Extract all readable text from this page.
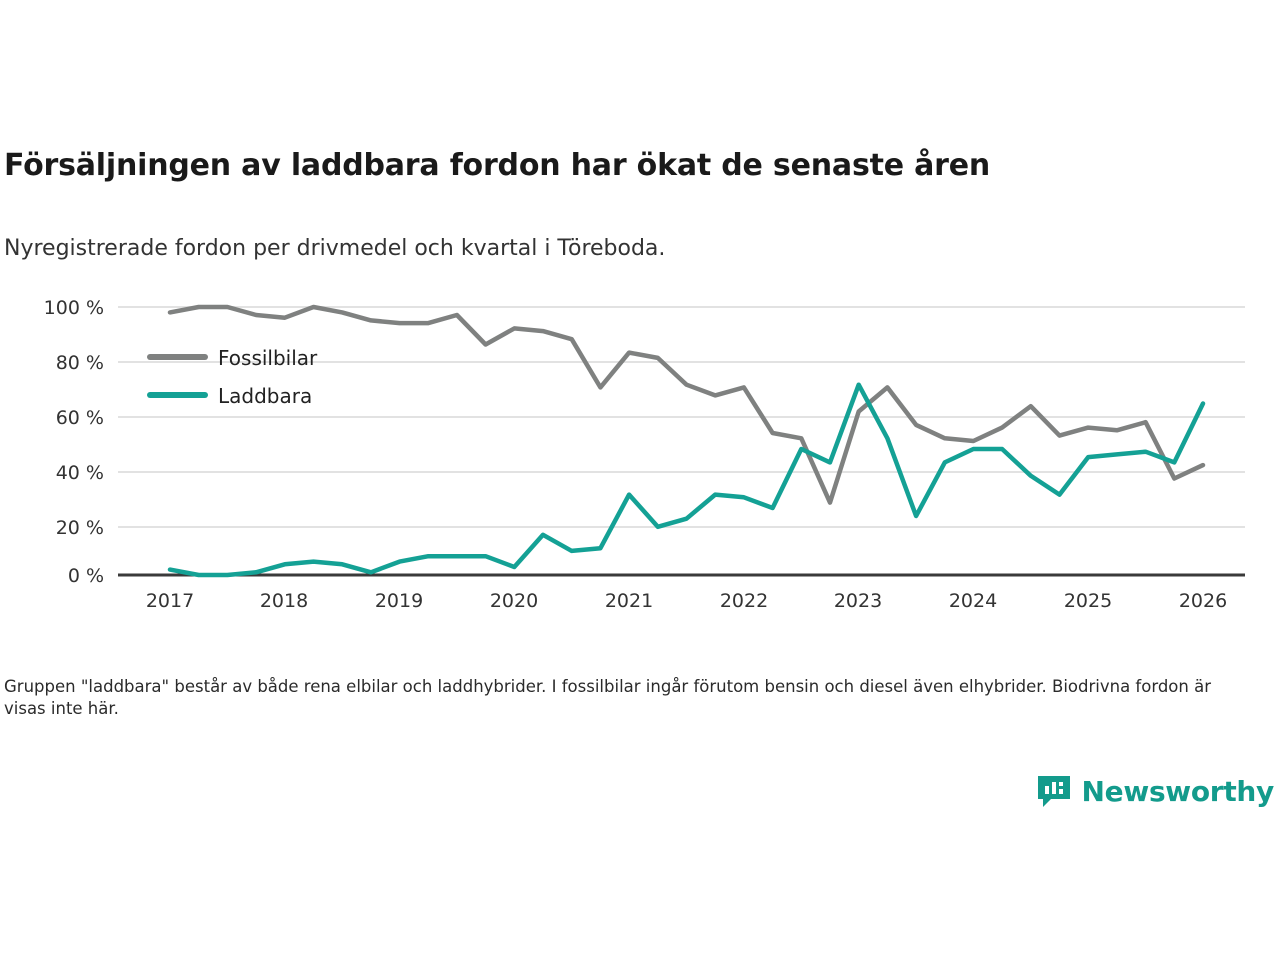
Försäljningen av laddbara fordon har ökat de senaste åren
Nyregistrerade fordon per drivmedel och kvartal i Töreboda.
100 %
80 %
60 %
40 %
20 %
0 %
2017	2018	2019	2020	2021	2022	2023	2024	2025	2026
Fossilbilar
Laddbara
Gruppen "laddbara" består av både rena elbilar och laddhybrider. I fossilbilar ingår förutom bensin och diesel även elhybrider. Biodrivna fordon är visas inte här.
Newsworthy
